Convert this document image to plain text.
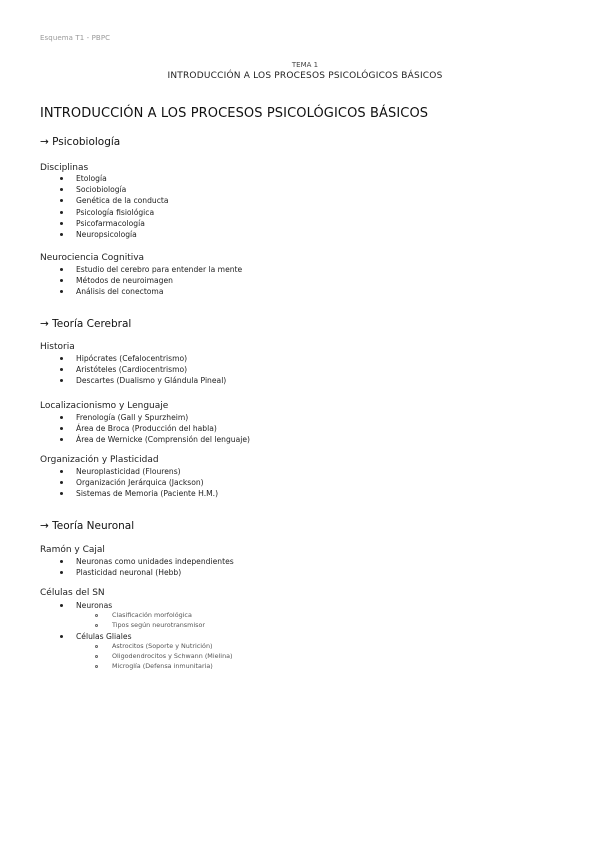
Esquema T1 - PBPC
TEMA 1
INTRODUCCIÓN A LOS PROCESOS PSICOLÓGICOS BÁSICOS
INTRODUCCIÓN A LOS PROCESOS PSICOLÓGICOS BÁSICOS
→ Psicobiología
Disciplinas
Etología
Sociobiología
Genética de la conducta
Psicología fisiológica
Psicofarmacología
Neuropsicología
Neurociencia Cognitiva
Estudio del cerebro para entender la mente
Métodos de neuroimagen
Análisis del conectoma
→ Teoría Cerebral
Historia
Hipócrates (Cefalocentrismo)
Aristóteles (Cardiocentrismo)
Descartes (Dualismo y Glándula Pineal)
Localizacionismo y Lenguaje
Frenología (Gall y Spurzheim)
Área de Broca (Producción del habla)
Área de Wernicke (Comprensión del lenguaje)
Organización y Plasticidad
Neuroplasticidad (Flourens)
Organización Jerárquica (Jackson)
Sistemas de Memoria (Paciente H.M.)
→ Teoría Neuronal
Ramón y Cajal
Neuronas como unidades independientes
Plasticidad neuronal (Hebb)
Células del SN
Neuronas
Clasificación morfológica
Tipos según neurotransmisor
Células Gliales
Astrocitos (Soporte y Nutrición)
Oligodendrocitos y Schwann (Mielina)
Microglía (Defensa inmunitaria)
